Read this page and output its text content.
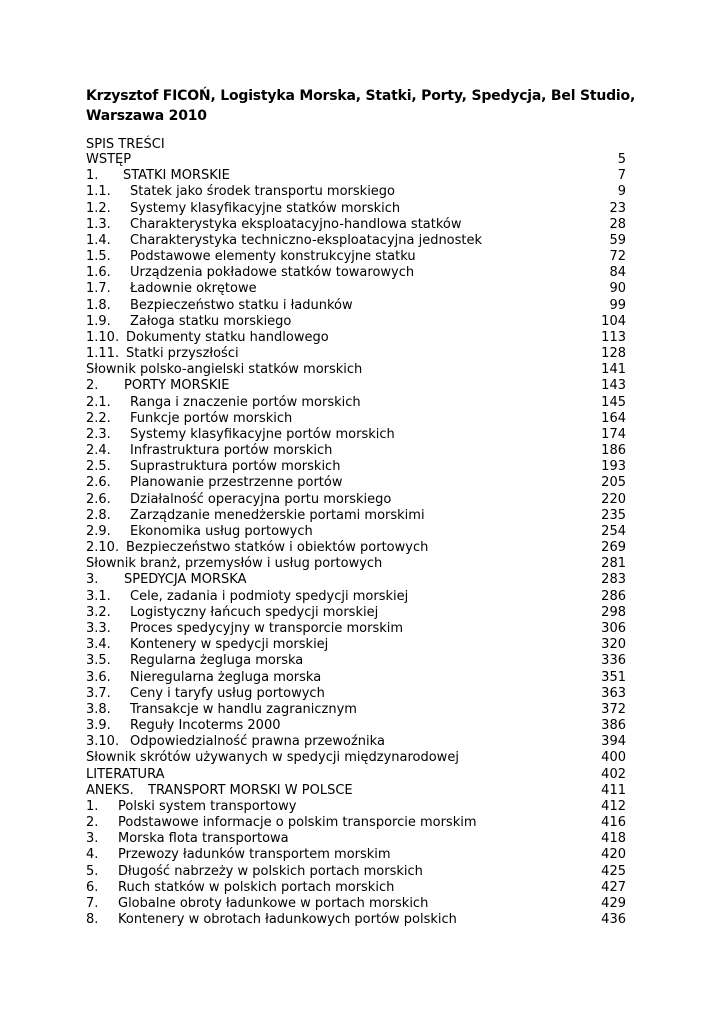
Krzysztof FICOŃ, Logistyka Morska, Statki, Porty, Spedycja, Bel Studio, Warszawa 2010
SPIS TREŚCI
WSTĘP	5
1. STATKI MORSKIE	7
1.1. Statek jako środek transportu morskiego	9
1.2. Systemy klasyfikacyjne statków morskich	23
1.3. Charakterystyka eksploatacyjno-handlowa statków	28
1.4. Charakterystyka techniczno-eksploatacyjna jednostek	59
1.5. Podstawowe elementy konstrukcyjne statku	72
1.6. Urządzenia pokładowe statków towarowych	84
1.7. Ładownie okrętowe	90
1.8. Bezpieczeństwo statku i ładunków	99
1.9. Załoga statku morskiego	104
1.10. Dokumenty statku handlowego	113
1.11. Statki przyszłości	128
Słownik polsko-angielski statków morskich	141
2. PORTY MORSKIE	143
2.1. Ranga i znaczenie portów morskich	145
2.2. Funkcje portów morskich	164
2.3. Systemy klasyfikacyjne portów morskich	174
2.4. Infrastruktura portów morskich	186
2.5. Suprastruktura portów morskich	193
2.6. Planowanie przestrzenne portów	205
2.6. Działalność operacyjna portu morskiego	220
2.8. Zarządzanie menedżerskie portami morskimi	235
2.9. Ekonomika usług portowych	254
2.10. Bezpieczeństwo statków i obiektów portowych	269
Słownik branż, przemysłów i usług portowych	281
3. SPEDYCJA MORSKA	283
3.1. Cele, zadania i podmioty spedycji morskiej	286
3.2. Logistyczny łańcuch spedycji morskiej	298
3.3. Proces spedycyjny w transporcie morskim	306
3.4. Kontenery w spedycji morskiej	320
3.5. Regularna żegluga morska	336
3.6. Nieregularna żegluga morska	351
3.7. Ceny i taryfy usług portowych	363
3.8. Transakcje w handlu zagranicznym	372
3.9. Reguły Incoterms 2000	386
3.10. Odpowiedzialność prawna przewoźnika	394
Słownik skrótów używanych w spedycji międzynarodowej	400
LITERATURA	402
ANEKS. TRANSPORT MORSKI W POLSCE	411
1. Polski system transportowy	412
2. Podstawowe informacje o polskim transporcie morskim	416
3. Morska flota transportowa	418
4. Przewozy ładunków transportem morskim	420
5. Długość nabrzeży w polskich portach morskich	425
6. Ruch statków w polskich portach morskich	427
7. Globalne obroty ładunkowe w portach morskich	429
8. Kontenery w obrotach ładunkowych portów polskich	436
